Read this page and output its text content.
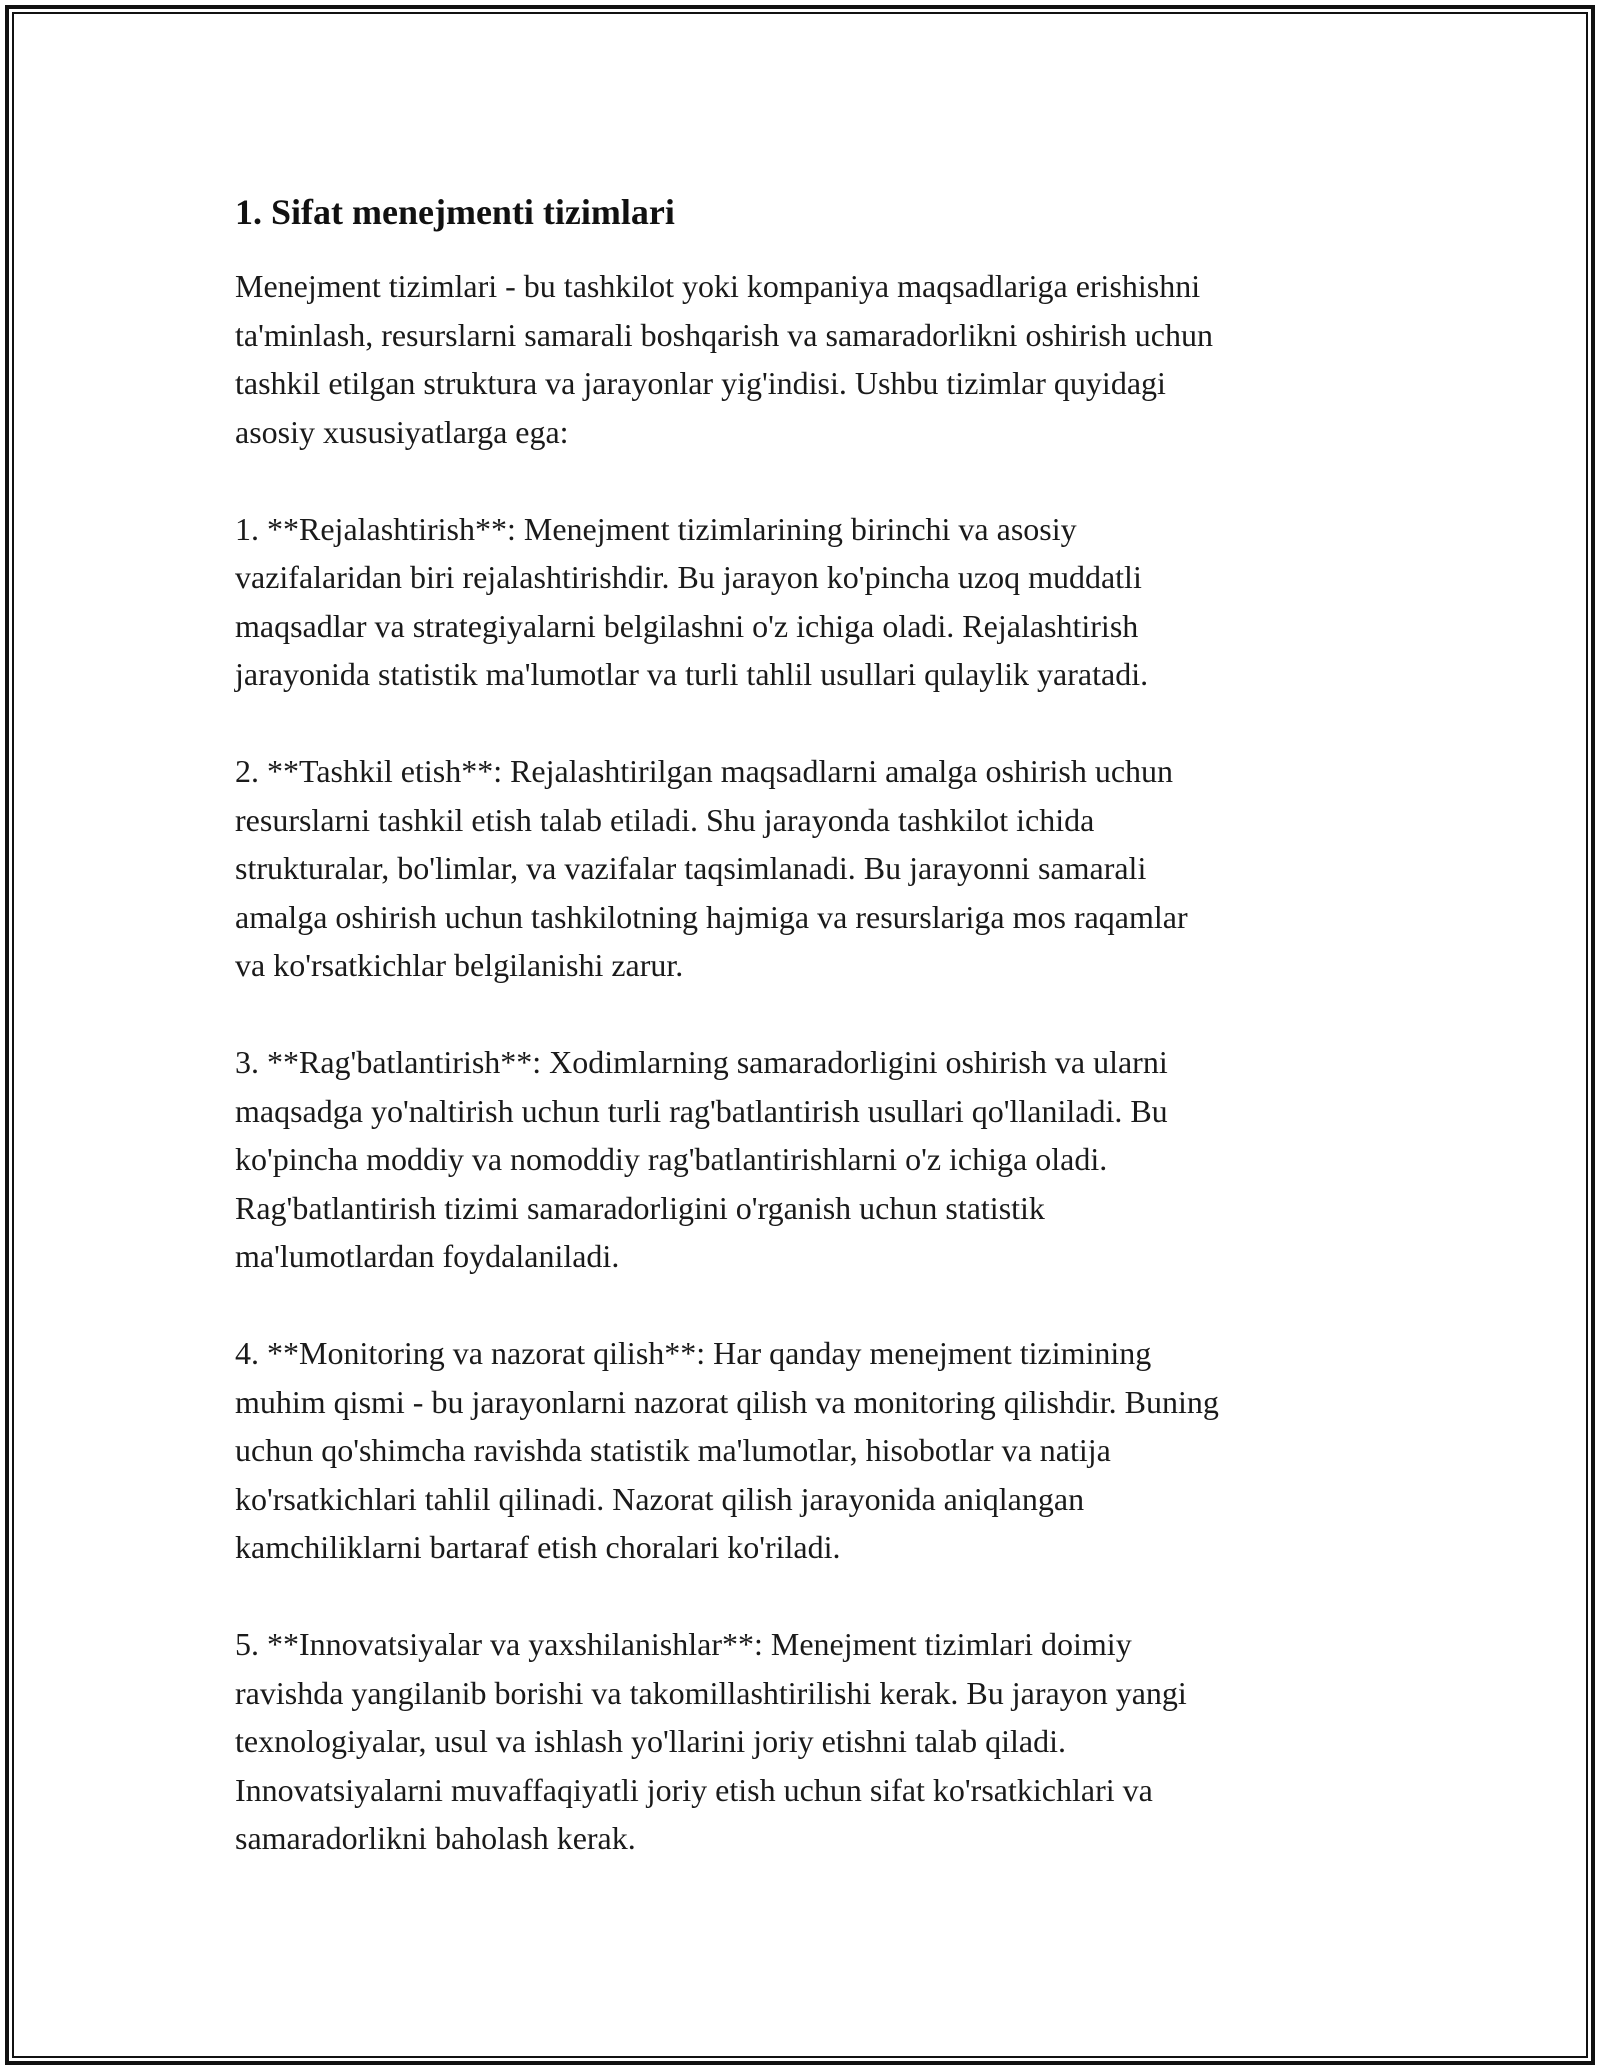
1. Sifat menejmenti tizimlari
Menejment tizimlari - bu tashkilot yoki kompaniya maqsadlariga erishishni
ta'minlash, resurslarni samarali boshqarish va samaradorlikni oshirish uchun
tashkil etilgan struktura va jarayonlar yig'indisi. Ushbu tizimlar quyidagi
asosiy xususiyatlarga ega:
1. **Rejalashtirish**: Menejment tizimlarining birinchi va asosiy
vazifalaridan biri rejalashtirishdir. Bu jarayon ko'pincha uzoq muddatli
maqsadlar va strategiyalarni belgilashni o'z ichiga oladi. Rejalashtirish
jarayonida statistik ma'lumotlar va turli tahlil usullari qulaylik yaratadi.
2. **Tashkil etish**: Rejalashtirilgan maqsadlarni amalga oshirish uchun
resurslarni tashkil etish talab etiladi. Shu jarayonda tashkilot ichida
strukturalar, bo'limlar, va vazifalar taqsimlanadi. Bu jarayonni samarali
amalga oshirish uchun tashkilotning hajmiga va resurslariga mos raqamlar
va ko'rsatkichlar belgilanishi zarur.
3. **Rag'batlantirish**: Xodimlarning samaradorligini oshirish va ularni
maqsadga yo'naltirish uchun turli rag'batlantirish usullari qo'llaniladi. Bu
ko'pincha moddiy va nomoddiy rag'batlantirishlarni o'z ichiga oladi.
Rag'batlantirish tizimi samaradorligini o'rganish uchun statistik
ma'lumotlardan foydalaniladi.
4. **Monitoring va nazorat qilish**: Har qanday menejment tizimining
muhim qismi - bu jarayonlarni nazorat qilish va monitoring qilishdir. Buning
uchun qo'shimcha ravishda statistik ma'lumotlar, hisobotlar va natija
ko'rsatkichlari tahlil qilinadi. Nazorat qilish jarayonida aniqlangan
kamchiliklarni bartaraf etish choralari ko'riladi.
5. **Innovatsiyalar va yaxshilanishlar**: Menejment tizimlari doimiy
ravishda yangilanib borishi va takomillashtirilishi kerak. Bu jarayon yangi
texnologiyalar, usul va ishlash yo'llarini joriy etishni talab qiladi.
Innovatsiyalarni muvaffaqiyatli joriy etish uchun sifat ko'rsatkichlari va
samaradorlikni baholash kerak.
